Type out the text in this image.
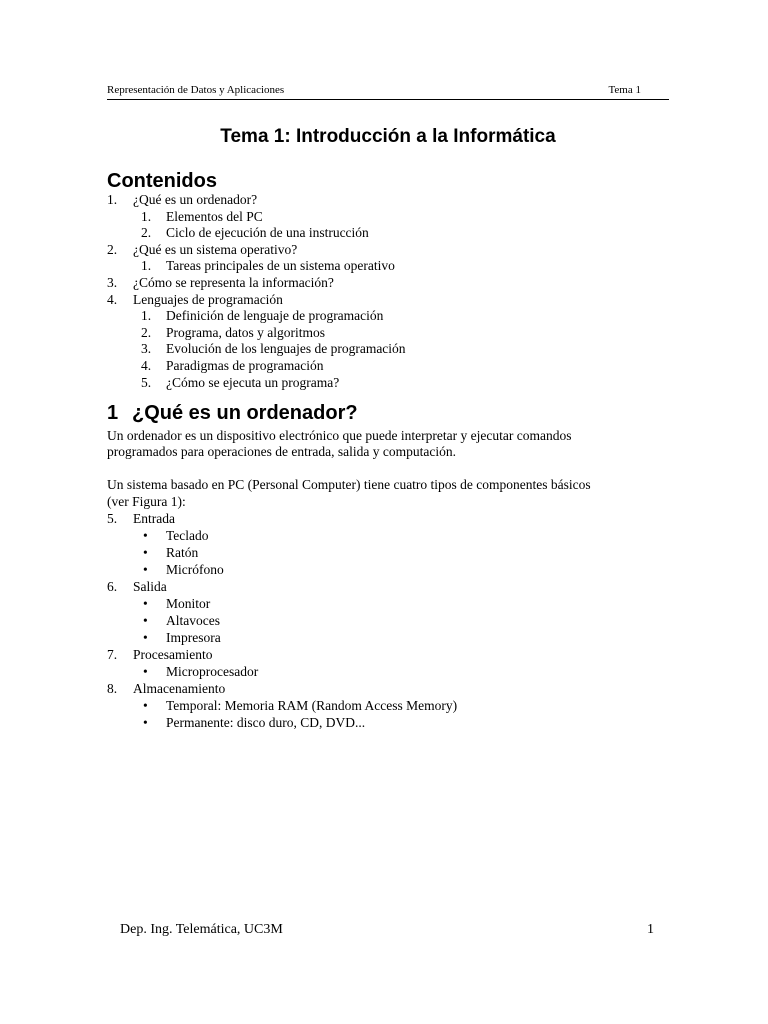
Representación de Datos y Aplicaciones	Tema 1
Tema 1: Introducción a la Informática
Contenidos
1. ¿Qué es un ordenador?
1. Elementos del PC
2. Ciclo de ejecución de una instrucción
2. ¿Qué es un sistema operativo?
1. Tareas principales de un sistema operativo
3. ¿Cómo se representa la información?
4. Lenguajes de programación
1. Definición de lenguaje de programación
2. Programa, datos y algoritmos
3. Evolución de los lenguajes de programación
4. Paradigmas de programación
5. ¿Cómo se ejecuta un programa?
1 ¿Qué es un ordenador?
Un ordenador es un dispositivo electrónico que puede interpretar y ejecutar comandos
programados para operaciones de entrada, salida y computación.
Un sistema basado en PC (Personal Computer) tiene cuatro tipos de componentes básicos
(ver Figura 1):
5. Entrada
• Teclado
• Ratón
• Micrófono
6. Salida
• Monitor
• Altavoces
• Impresora
7. Procesamiento
• Microprocesador
8. Almacenamiento
• Temporal: Memoria RAM (Random Access Memory)
• Permanente: disco duro, CD, DVD...
Dep. Ing. Telemática, UC3M	1
